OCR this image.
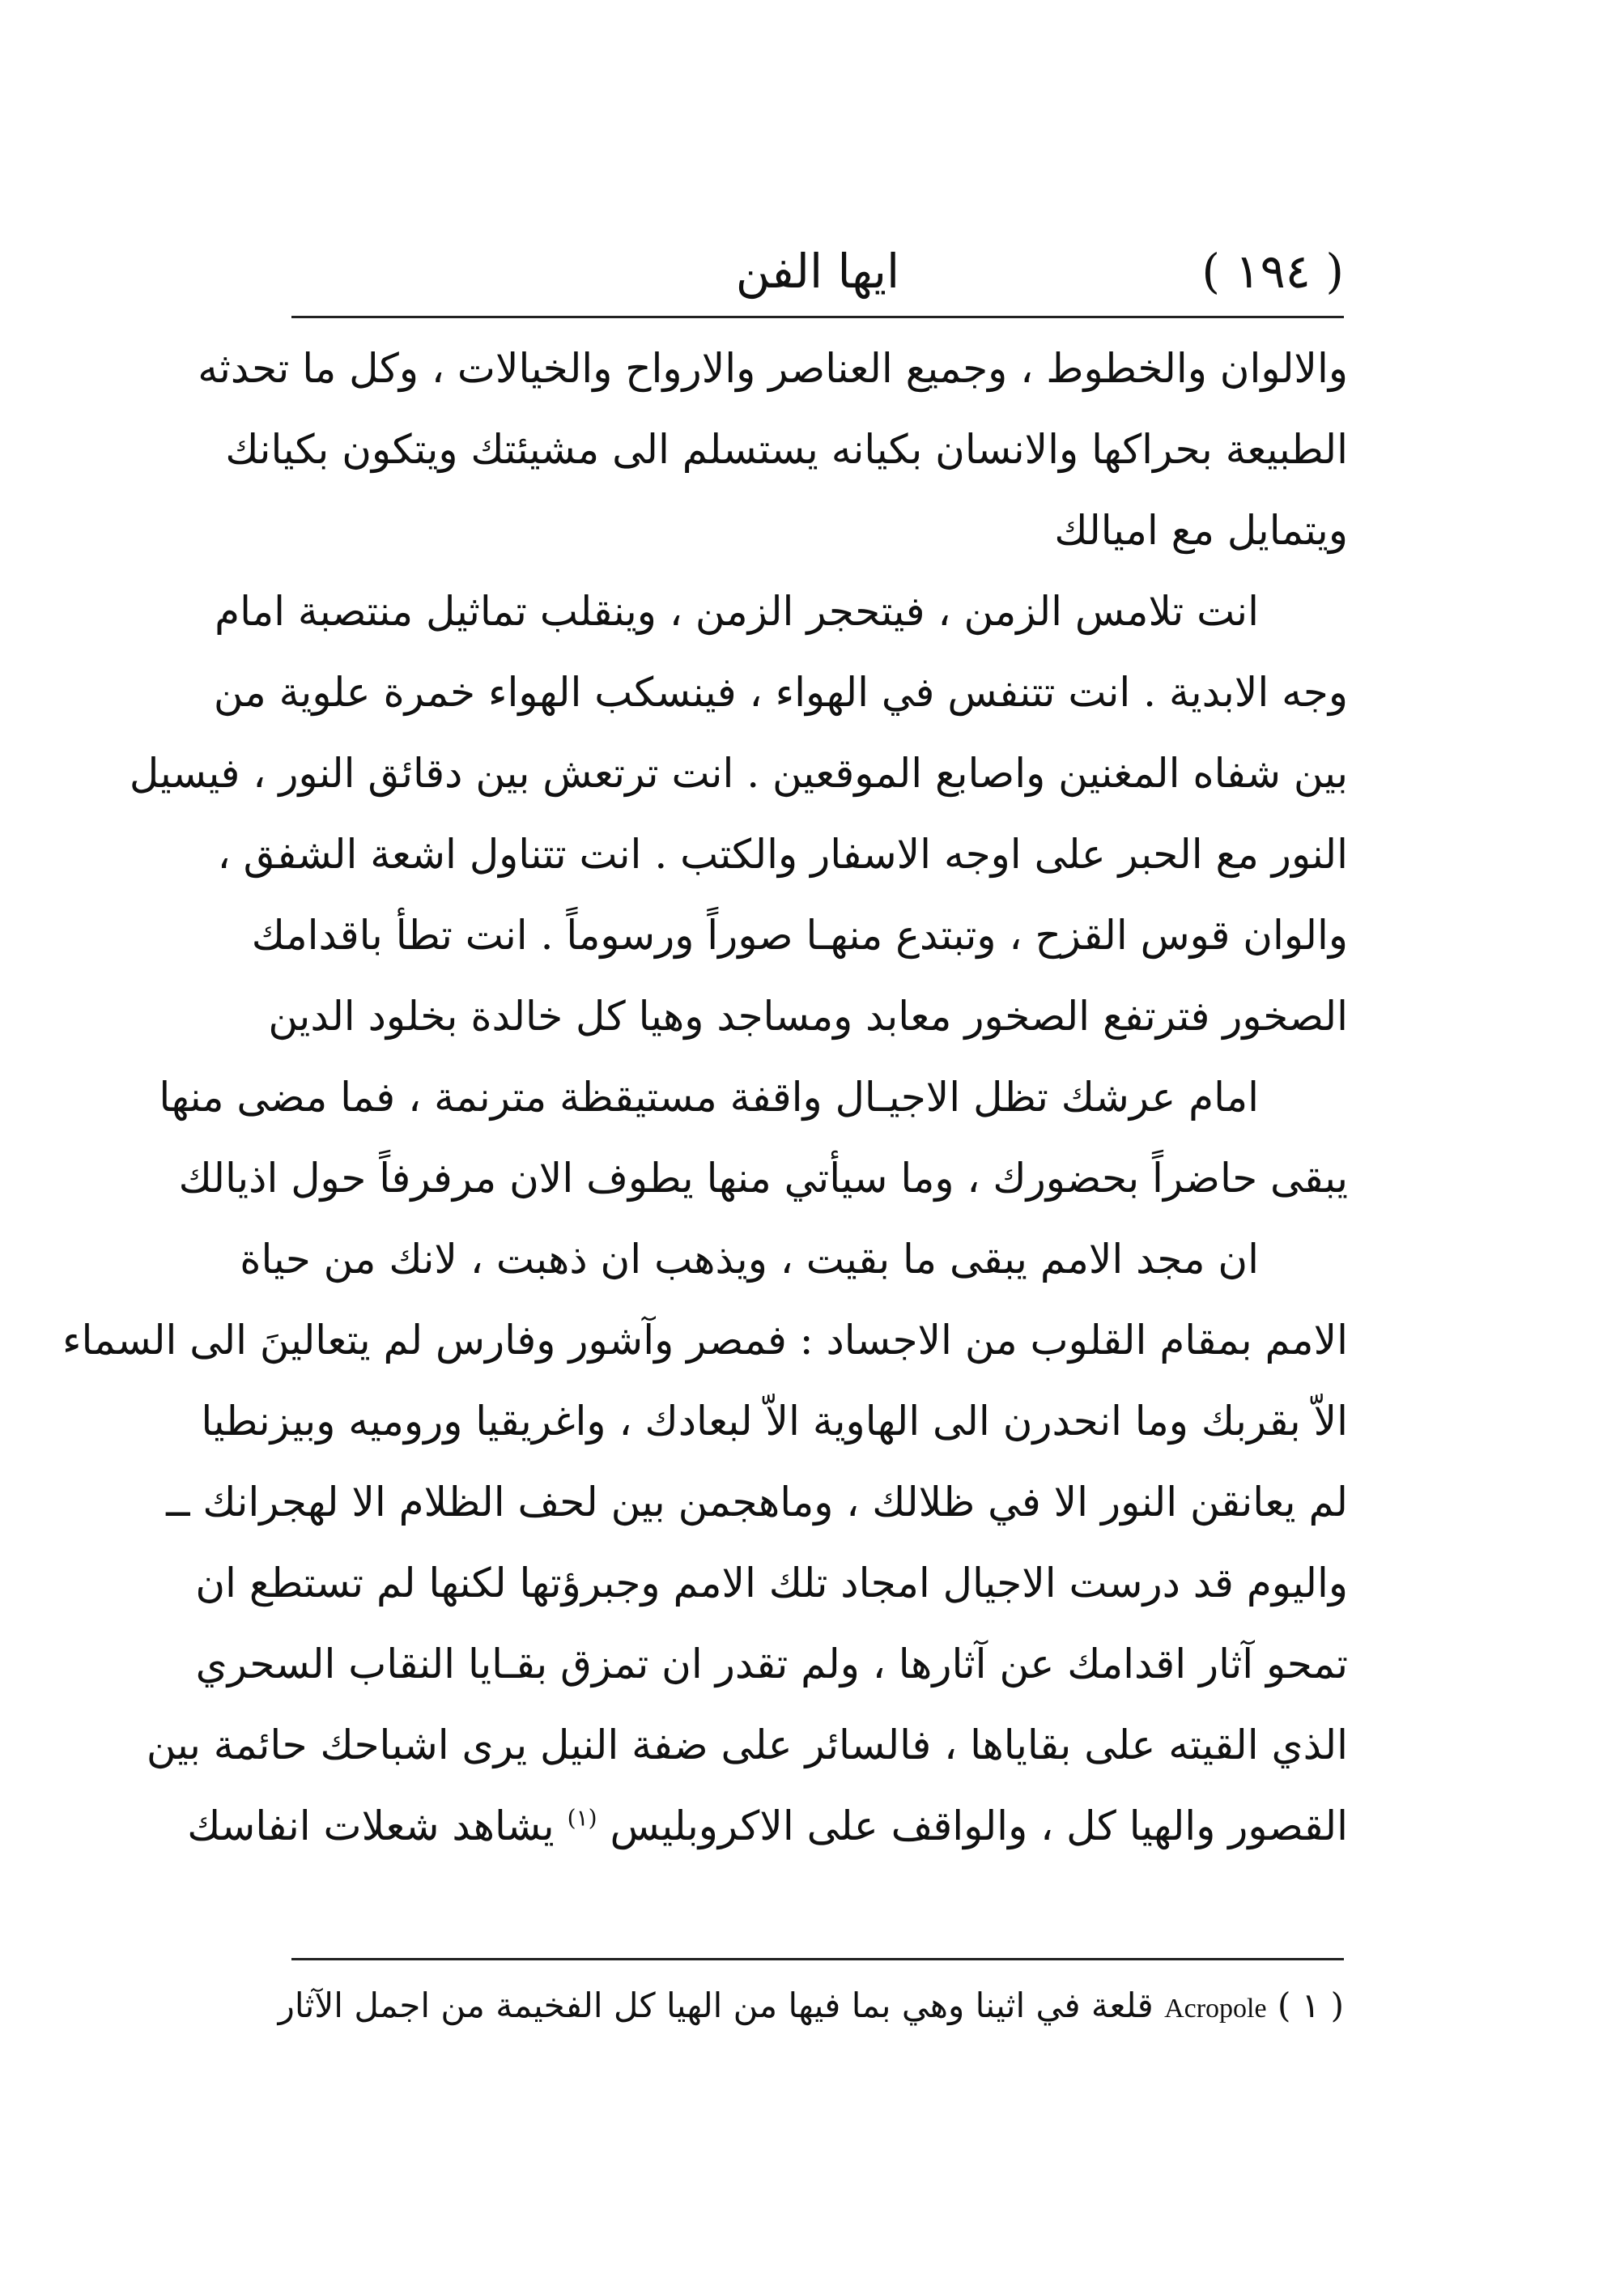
( ١٩٤ )
ايها الفن
والالوان والخطوط ، وجميع العناصر والارواح والخيالات ، وكل ما تحدثه
الطبيعة بحراكها والانسان بكيانه يستسلم الى مشيئتك ويتكون بكيانك
ويتمايل مع اميالك
انت تلامس الزمن ، فيتحجر الزمن ، وينقلب تماثيل منتصبة امام
وجه الابدية . انت تتنفس في الهواء ، فينسكب الهواء خمرة علوية من
بين شفاه المغنين واصابع الموقعين . انت ترتعش بين دقائق النور ، فيسيل
النور مع الحبر على اوجه الاسفار والكتب . انت تتناول اشعة الشفق ،
والوان قوس القزح ، وتبتدع منهـا صوراً ورسوماً . انت تطأ باقدامك
الصخور فترتفع الصخور معابد ومساجد وهيا كل خالدة بخلود الدين
امام عرشك تظل الاجيـال واقفة مستيقظة مترنمة ، فما مضى منها
يبقى حاضراً بحضورك ، وما سيأتي منها يطوف الان مرفرفاً حول اذيالك
ان مجد الامم يبقى ما بقيت ، ويذهب ان ذهبت ، لانك من حياة
الامم بمقام القلوب من الاجساد : فمصر وآشور وفارس لم يتعالينَ الى السماء
الاّ بقربك وما انحدرن الى الهاوية الاّ لبعادك ، واغريقيا وروميه وبيزنطيا
لم يعانقن النور الا في ظلالك ، وماهجمن بين لحف الظلام الا لهجرانك ــ
واليوم قد درست الاجيال امجاد تلك الامم وجبرؤتها لكنها لم تستطع ان
تمحو آثار اقدامك عن آثارها ، ولم تقدر ان تمزق بقـايا النقاب السحري
الذي القيته على بقاياها ، فالسائر على ضفة النيل يرى اشباحك حائمة بين
القصور والهيا كل ، والواقف على الاكروبليس $^{(١)}$ يشاهد شعلات انفاسك
( ١ ) Acropole قلعة في اثينا وهي بما فيها من الهيا كل الفخيمة من اجمل الآثار
